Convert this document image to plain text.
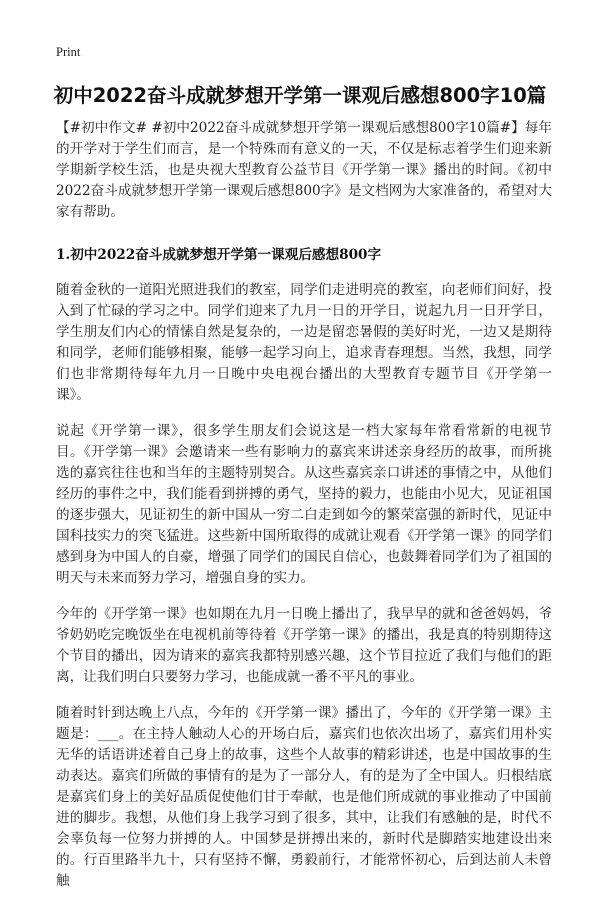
Print
初中2022奋斗成就梦想开学第一课观后感想800字10篇

【#初中作文# #初中2022奋斗成就梦想开学第一课观后感想800字10篇#】每年的开学对于学生们而言，是一个特殊而有意义的一天，不仅是标志着学生们迎来新学期新学校生活，也是央视大型教育公益节目《开学第一课》播出的时间。《初中2022奋斗成就梦想开学第一课观后感想800字》是文档网为大家准备的，希望对大家有帮助。

1.初中2022奋斗成就梦想开学第一课观后感想800字

随着金秋的一道阳光照进我们的教室，同学们走进明亮的教室，向老师们问好，投入到了忙碌的学习之中。同学们迎来了九月一日的开学日，说起九月一日开学日，学生朋友们内心的情愫自然是复杂的，一边是留恋暑假的美好时光，一边又是期待和同学，老师们能够相聚，能够一起学习向上，追求青春理想。当然，我想，同学们也非常期待每年九月一日晚中央电视台播出的大型教育专题节目《开学第一课》。

说起《开学第一课》，很多学生朋友们会说这是一档大家每年常看常新的电视节目。《开学第一课》会邀请来一些有影响力的嘉宾来讲述亲身经历的故事，而所挑选的嘉宾往往也和当年的主题特别契合。从这些嘉宾亲口讲述的事情之中，从他们经历的事件之中，我们能看到拼搏的勇气，坚持的毅力，也能由小见大，见证祖国的逐步强大，见证初生的新中国从一穷二白走到如今的繁荣富强的新时代，见证中国科技实力的突飞猛进。这些新中国所取得的成就让观看《开学第一课》的同学们感到身为中国人的自豪，增强了同学们的国民自信心，也鼓舞着同学们为了祖国的明天与未来而努力学习，增强自身的实力。

今年的《开学第一课》也如期在九月一日晚上播出了，我早早的就和爸爸妈妈，爷爷奶奶吃完晚饭坐在电视机前等待着《开学第一课》的播出，我是真的特别期待这个节目的播出，因为请来的嘉宾我都特别感兴趣，这个节目拉近了我们与他们的距离，让我们明白只要努力学习，也能成就一番不平凡的事业。

随着时针到达晚上八点，今年的《开学第一课》播出了，今年的《开学第一课》主题是：___。在主持人触动人心的开场白后，嘉宾们也依次出场了，嘉宾们用朴实无华的话语讲述着自己身上的故事，这些个人故事的精彩讲述，也是中国故事的生动表达。嘉宾们所做的事情有的是为了一部分人，有的是为了全中国人。归根结底是嘉宾们身上的美好品质促使他们甘于奉献，也是他们所成就的事业推动了中国前进的脚步。我想，从他们身上我学习到了很多，其中，让我们有感触的是，时代不会辜负每一位努力拼搏的人。中国梦是拼搏出来的，新时代是脚踏实地建设出来的。行百里路半九十，只有坚持不懈，勇毅前行，才能常怀初心，后到达前人未曾触
